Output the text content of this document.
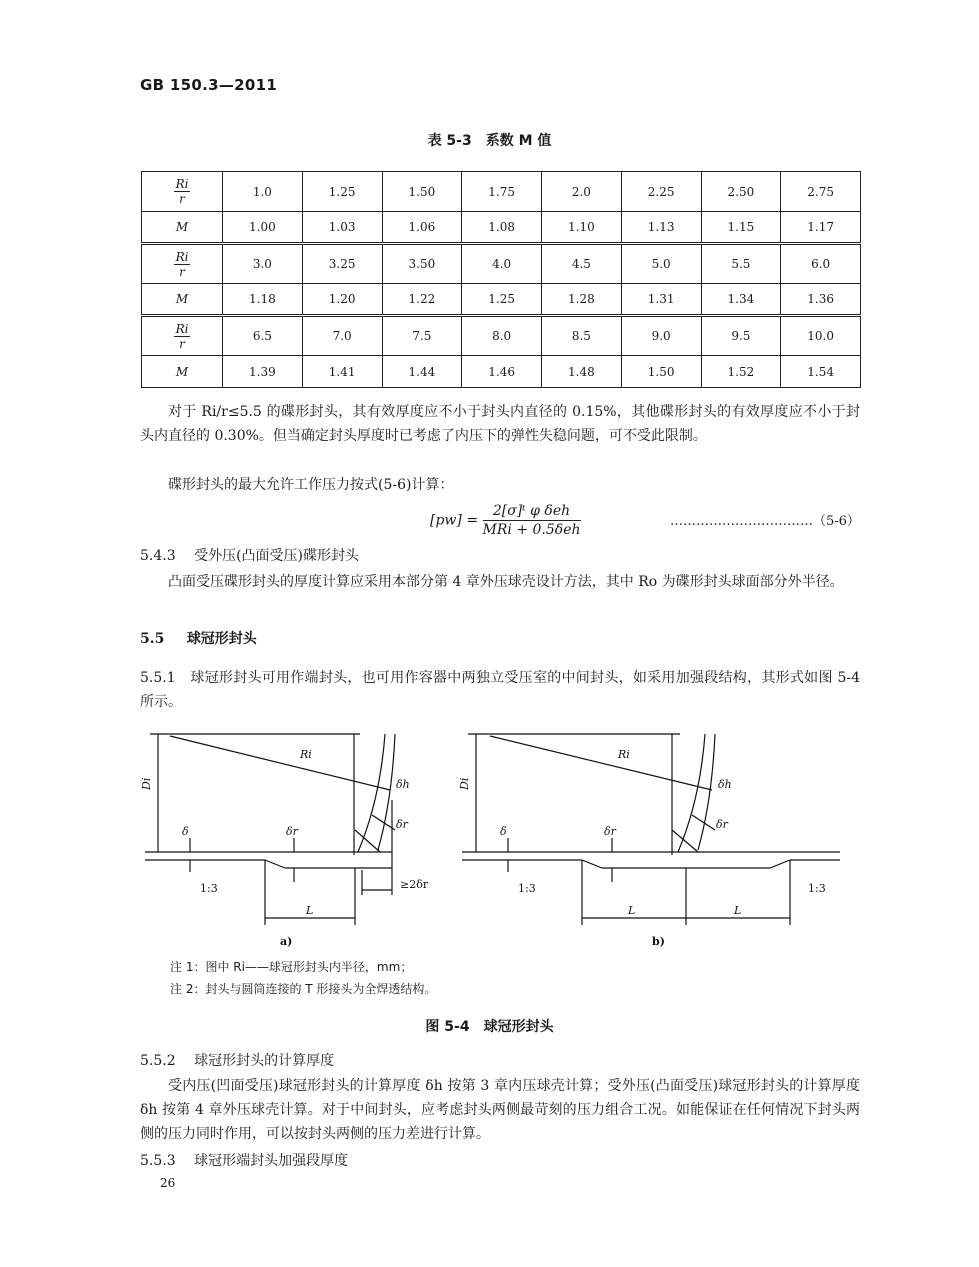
GB 150.3—2011
表 5-3　系数 M 值
$\frac{Ri}{r}$	1.0	1.25	1.50	1.75	2.0	2.25	2.50	2.75
M	1.00	1.03	1.06	1.08	1.10	1.13	1.15	1.17

$\frac{Ri}{r}$	3.0	3.25	3.50	4.0	4.5	5.0	5.5	6.0
M	1.18	1.20	1.22	1.25	1.28	1.31	1.34	1.36

$\frac{Ri}{r}$	6.5	7.0	7.5	8.0	8.5	9.0	9.5	10.0
M	1.39	1.41	1.44	1.46	1.48	1.50	1.52	1.54
对于 Ri/r≤5.5 的碟形封头，其有效厚度应不小于封头内直径的 0.15%，其他碟形封头的有效厚度应不小于封头内直径的 0.30%。但当确定封头厚度时已考虑了内压下的弹性失稳问题，可不受此限制。
碟形封头的最大允许工作压力按式(5-6)计算：
[pw] =
2[σ]ᵗ φ δeh
MRi + 0.5δeh
……………………………（5-6）
5.4.3 受外压(凸面受压)碟形封头
凸面受压碟形封头的厚度计算应采用本部分第 4 章外压球壳设计方法，其中 Ro 为碟形封头球面部分外半径。
5.5 球冠形封头
5.5.1 球冠形封头可用作端封头，也可用作容器中两独立受压室的中间封头，如采用加强段结构，其形式如图 5-4 所示。
Ri
Di
δ	δr
δh
δr
L
1:3	≥2δr
Ri
Di
δ	δr
δh
δr
L	L
1:3	1:3
a)	b)
注 1：图中 Ri——球冠形封头内半径，mm；
注 2：封头与圆筒连接的 T 形接头为全焊透结构。
图 5-4　球冠形封头
5.5.2 球冠形封头的计算厚度
受内压(凹面受压)球冠形封头的计算厚度 δh 按第 3 章内压球壳计算；受外压(凸面受压)球冠形封头的计算厚度 δh 按第 4 章外压球壳计算。对于中间封头，应考虑封头两侧最苛刻的压力组合工况。如能保证在任何情况下封头两侧的压力同时作用，可以按封头两侧的压力差进行计算。
5.5.3 球冠形端封头加强段厚度
26
